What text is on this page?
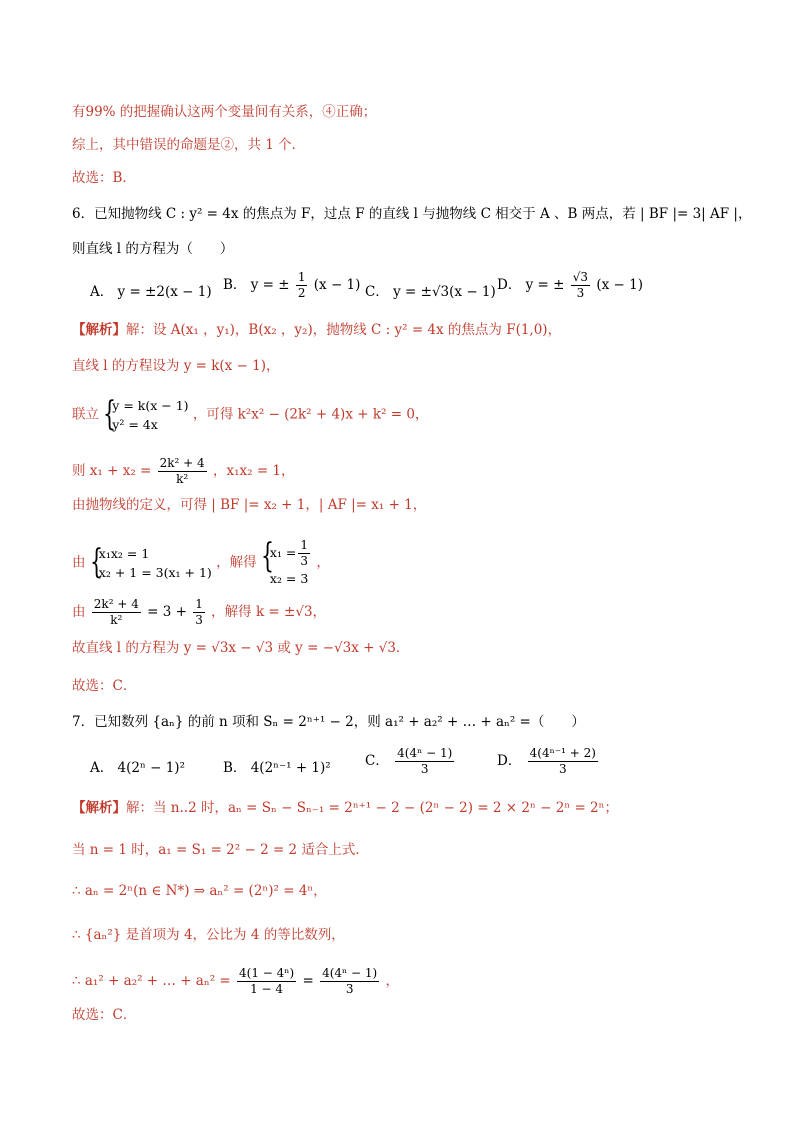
有99% 的把握确认这两个变量间有关系，④正确；
综上，其中错误的命题是②，共 1 个．
故选：B．
6．已知抛物线 C : y² = 4x 的焦点为 F，过点 F 的直线 l 与抛物线 C 相交于 A 、B 两点，若 | BF |= 3| AF |，
则直线 l 的方程为（　　）
A． y = ±2(x − 1) B． y = ± $\frac{1}{2} (x - 1)$ C． y = ±√3(x − 1) D． y = ± $\frac{√3}{3} (x - 1)$
【解析】解：设 A(x₁ ，y₁)，B(x₂ ，y₂)，抛物线 C : y² = 4x 的焦点为 F(1,0)，
直线 l 的方程设为 y = k(x − 1)，
联立 {
y = k(x − 1)
y² = 4x
，可得 k²x² − (2k² + 4)x + k² = 0，
则 $x_1 + x_2 = \frac{\text{2k² + 4}}{\text{k²}}$ ，x₁x₂ = 1，
由抛物线的定义，可得 | BF |= x₂ + 1，| AF |= x₁ + 1，
由 {
x₁x₂ = 1
x₂ + 1 = 3(x₁ + 1)
，解得 {
$x_1 = \frac{1}{3}$
x₂ = 3
，
由 $\frac{\text{2k² + 4}}{\text{k²}} = 3 + \frac{1}{3}$ ，解得 k = ±√3，
故直线 l 的方程为 y = √3x − √3 或 y = −√3x + √3．
故选：C．
7．已知数列 {aₙ} 的前 n 项和 Sₙ = 2ⁿ⁺¹ − 2，则 a₁² + a₂² + … + aₙ² =（　　）
A． 4(2ⁿ − 1)²	B． 4(2ⁿ⁻¹ + 1)²	C． $\frac{\text{4(4ⁿ − 1)}}{3}$	D． $\frac{\text{4(4ⁿ⁻¹ + 2)}}{3}$
【解析】解：当 n..2 时，aₙ = Sₙ − Sₙ₋₁ = 2ⁿ⁺¹ − 2 − (2ⁿ − 2) = 2 × 2ⁿ − 2ⁿ = 2ⁿ；
当 n = 1 时，a₁ = S₁ = 2² − 2 = 2 适合上式．
∴ aₙ = 2ⁿ(n ∈ N*) ⇒ aₙ² = (2ⁿ)² = 4ⁿ，
∴ {aₙ²} 是首项为 4，公比为 4 的等比数列，
∴ a₁² + a₂² + … + $a_n^2 = \frac{\text{4(1 − 4ⁿ)}}{1 - 4} = \frac{\text{4(4ⁿ − 1)}}{3}$ ，
故选：C．
